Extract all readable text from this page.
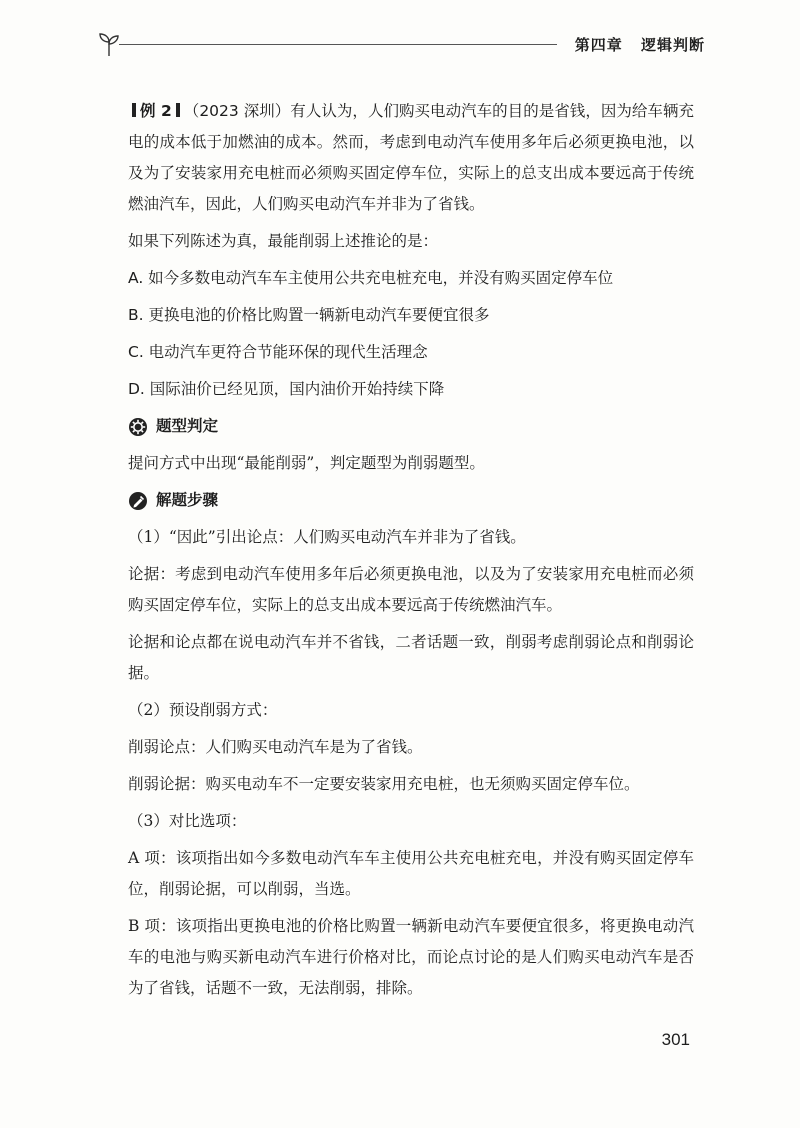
第四章 逻辑判断

例 2 （2023 深圳）有人认为，人们购买电动汽车的目的是省钱，因为给车辆充电的成本低于加燃油的成本。然而，考虑到电动汽车使用多年后必须更换电池，以及为了安装家用充电桩而必须购买固定停车位，实际上的总支出成本要远高于传统燃油汽车，因此，人们购买电动汽车并非为了省钱。

如果下列陈述为真，最能削弱上述推论的是：

A. 如今多数电动汽车车主使用公共充电桩充电，并没有购买固定停车位

B. 更换电池的价格比购置一辆新电动汽车要便宜很多

C. 电动汽车更符合节能环保的现代生活理念

D. 国际油价已经见顶，国内油价开始持续下降

题型判定

提问方式中出现“最能削弱”，判定题型为削弱题型。

解题步骤

（1）“因此”引出论点：人们购买电动汽车并非为了省钱。

论据：考虑到电动汽车使用多年后必须更换电池，以及为了安装家用充电桩而必须购买固定停车位，实际上的总支出成本要远高于传统燃油汽车。

论据和论点都在说电动汽车并不省钱，二者话题一致，削弱考虑削弱论点和削弱论据。

（2）预设削弱方式：

削弱论点：人们购买电动汽车是为了省钱。

削弱论据：购买电动车不一定要安装家用充电桩，也无须购买固定停车位。

（3）对比选项：

A 项：该项指出如今多数电动汽车车主使用公共充电桩充电，并没有购买固定停车位，削弱论据，可以削弱，当选。

B 项：该项指出更换电池的价格比购置一辆新电动汽车要便宜很多，将更换电动汽车的电池与购买新电动汽车进行价格对比，而论点讨论的是人们购买电动汽车是否为了省钱，话题不一致，无法削弱，排除。

301
